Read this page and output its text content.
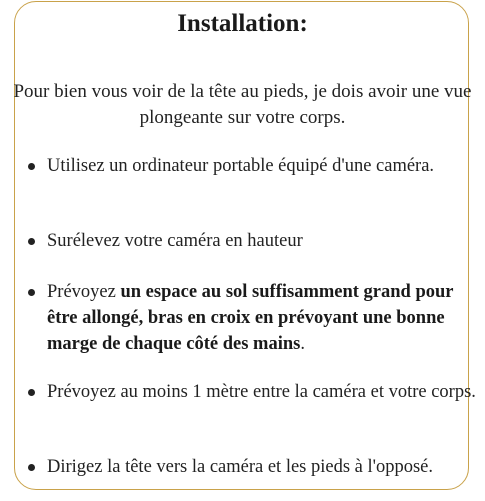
Installation:

Pour bien vous voir de la tête au pieds, je dois avoir une vue plongeante sur votre corps.

Utilisez un ordinateur portable équipé d'une caméra.
Surélevez votre caméra en hauteur
Prévoyez un espace au sol suffisamment grand pour être allongé, bras en croix en prévoyant une bonne marge de chaque côté des mains.
Prévoyez au moins 1 mètre entre la caméra et votre corps.
Dirigez la tête vers la caméra et les pieds à l'opposé.
